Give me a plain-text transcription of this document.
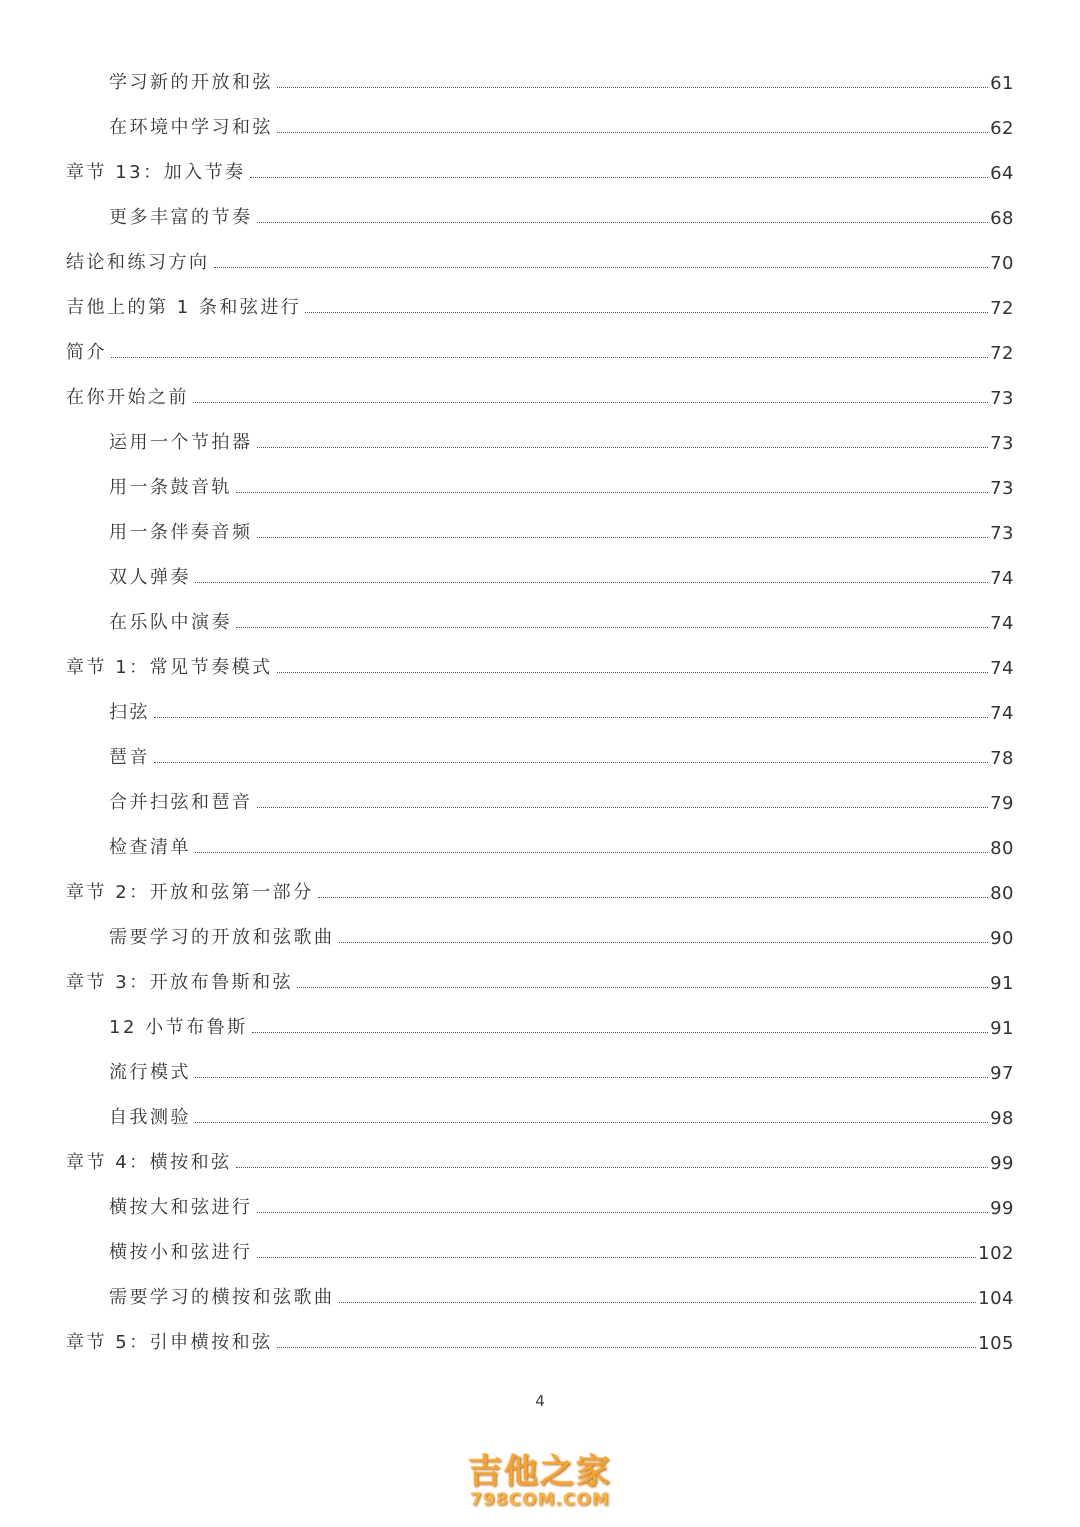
学习新的开放和弦	61
在环境中学习和弦	62
章节 13：加入节奏	64
更多丰富的节奏	68
结论和练习方向	70
吉他上的第 1 条和弦进行	72
简介	72
在你开始之前	73
运用一个节拍器	73
用一条鼓音轨	73
用一条伴奏音频	73
双人弹奏	74
在乐队中演奏	74
章节 1：常见节奏模式	74
扫弦	74
琶音	78
合并扫弦和琶音	79
检查清单	80
章节 2：开放和弦第一部分	80
需要学习的开放和弦歌曲	90
章节 3：开放布鲁斯和弦	91
12 小节布鲁斯	91
流行模式	97
自我测验	98
章节 4：横按和弦	99
横按大和弦进行	99
横按小和弦进行	102
需要学习的横按和弦歌曲	104
章节 5：引申横按和弦	105
4
吉他之家
798COM.COM
